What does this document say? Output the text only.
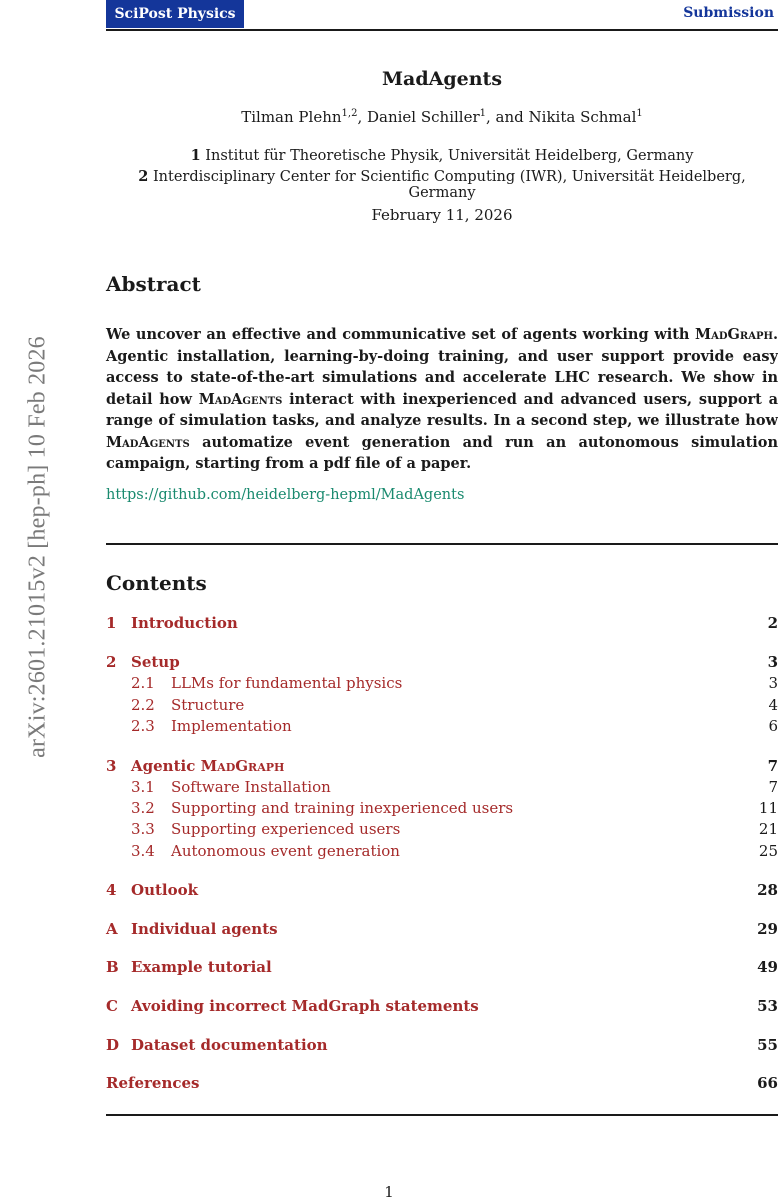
SciPost Physics	Submission
arXiv:2601.21015v2 [hep-ph] 10 Feb 2026
MadAgents
Tilman Plehn$^{1,2}$, Daniel Schiller$^1$, and Nikita Schmal$^1$
1 Institut für Theoretische Physik, Universität Heidelberg, Germany
2 Interdisciplinary Center for Scientific Computing (IWR), Universität Heidelberg, Germany
February 11, 2026
Abstract
We uncover an effective and communicative set of agents working with MadGraph. Agentic installation, learning-by-doing training, and user support provide easy access to state-of-the-art simulations and accelerate LHC research. We show in detail how MadAgents interact with inexperienced and advanced users, support a range of simulation tasks, and analyze results. In a second step, we illustrate how MadAgents automatize event generation and run an autonomous simulation campaign, starting from a pdf file of a paper.
https://github.com/heidelberg-hepml/MadAgents
Contents
1 Introduction	2
2 Setup	3
2.1 LLMs for fundamental physics	3
2.2 Structure	4
2.3 Implementation	6
3 Agentic MadGraph	7
3.1 Software Installation	7
3.2 Supporting and training inexperienced users	11
3.3 Supporting experienced users	21
3.4 Autonomous event generation	25
4 Outlook	28
A Individual agents	29
B Example tutorial	49
C Avoiding incorrect MadGraph statements	53
D Dataset documentation	55
References	66
1
